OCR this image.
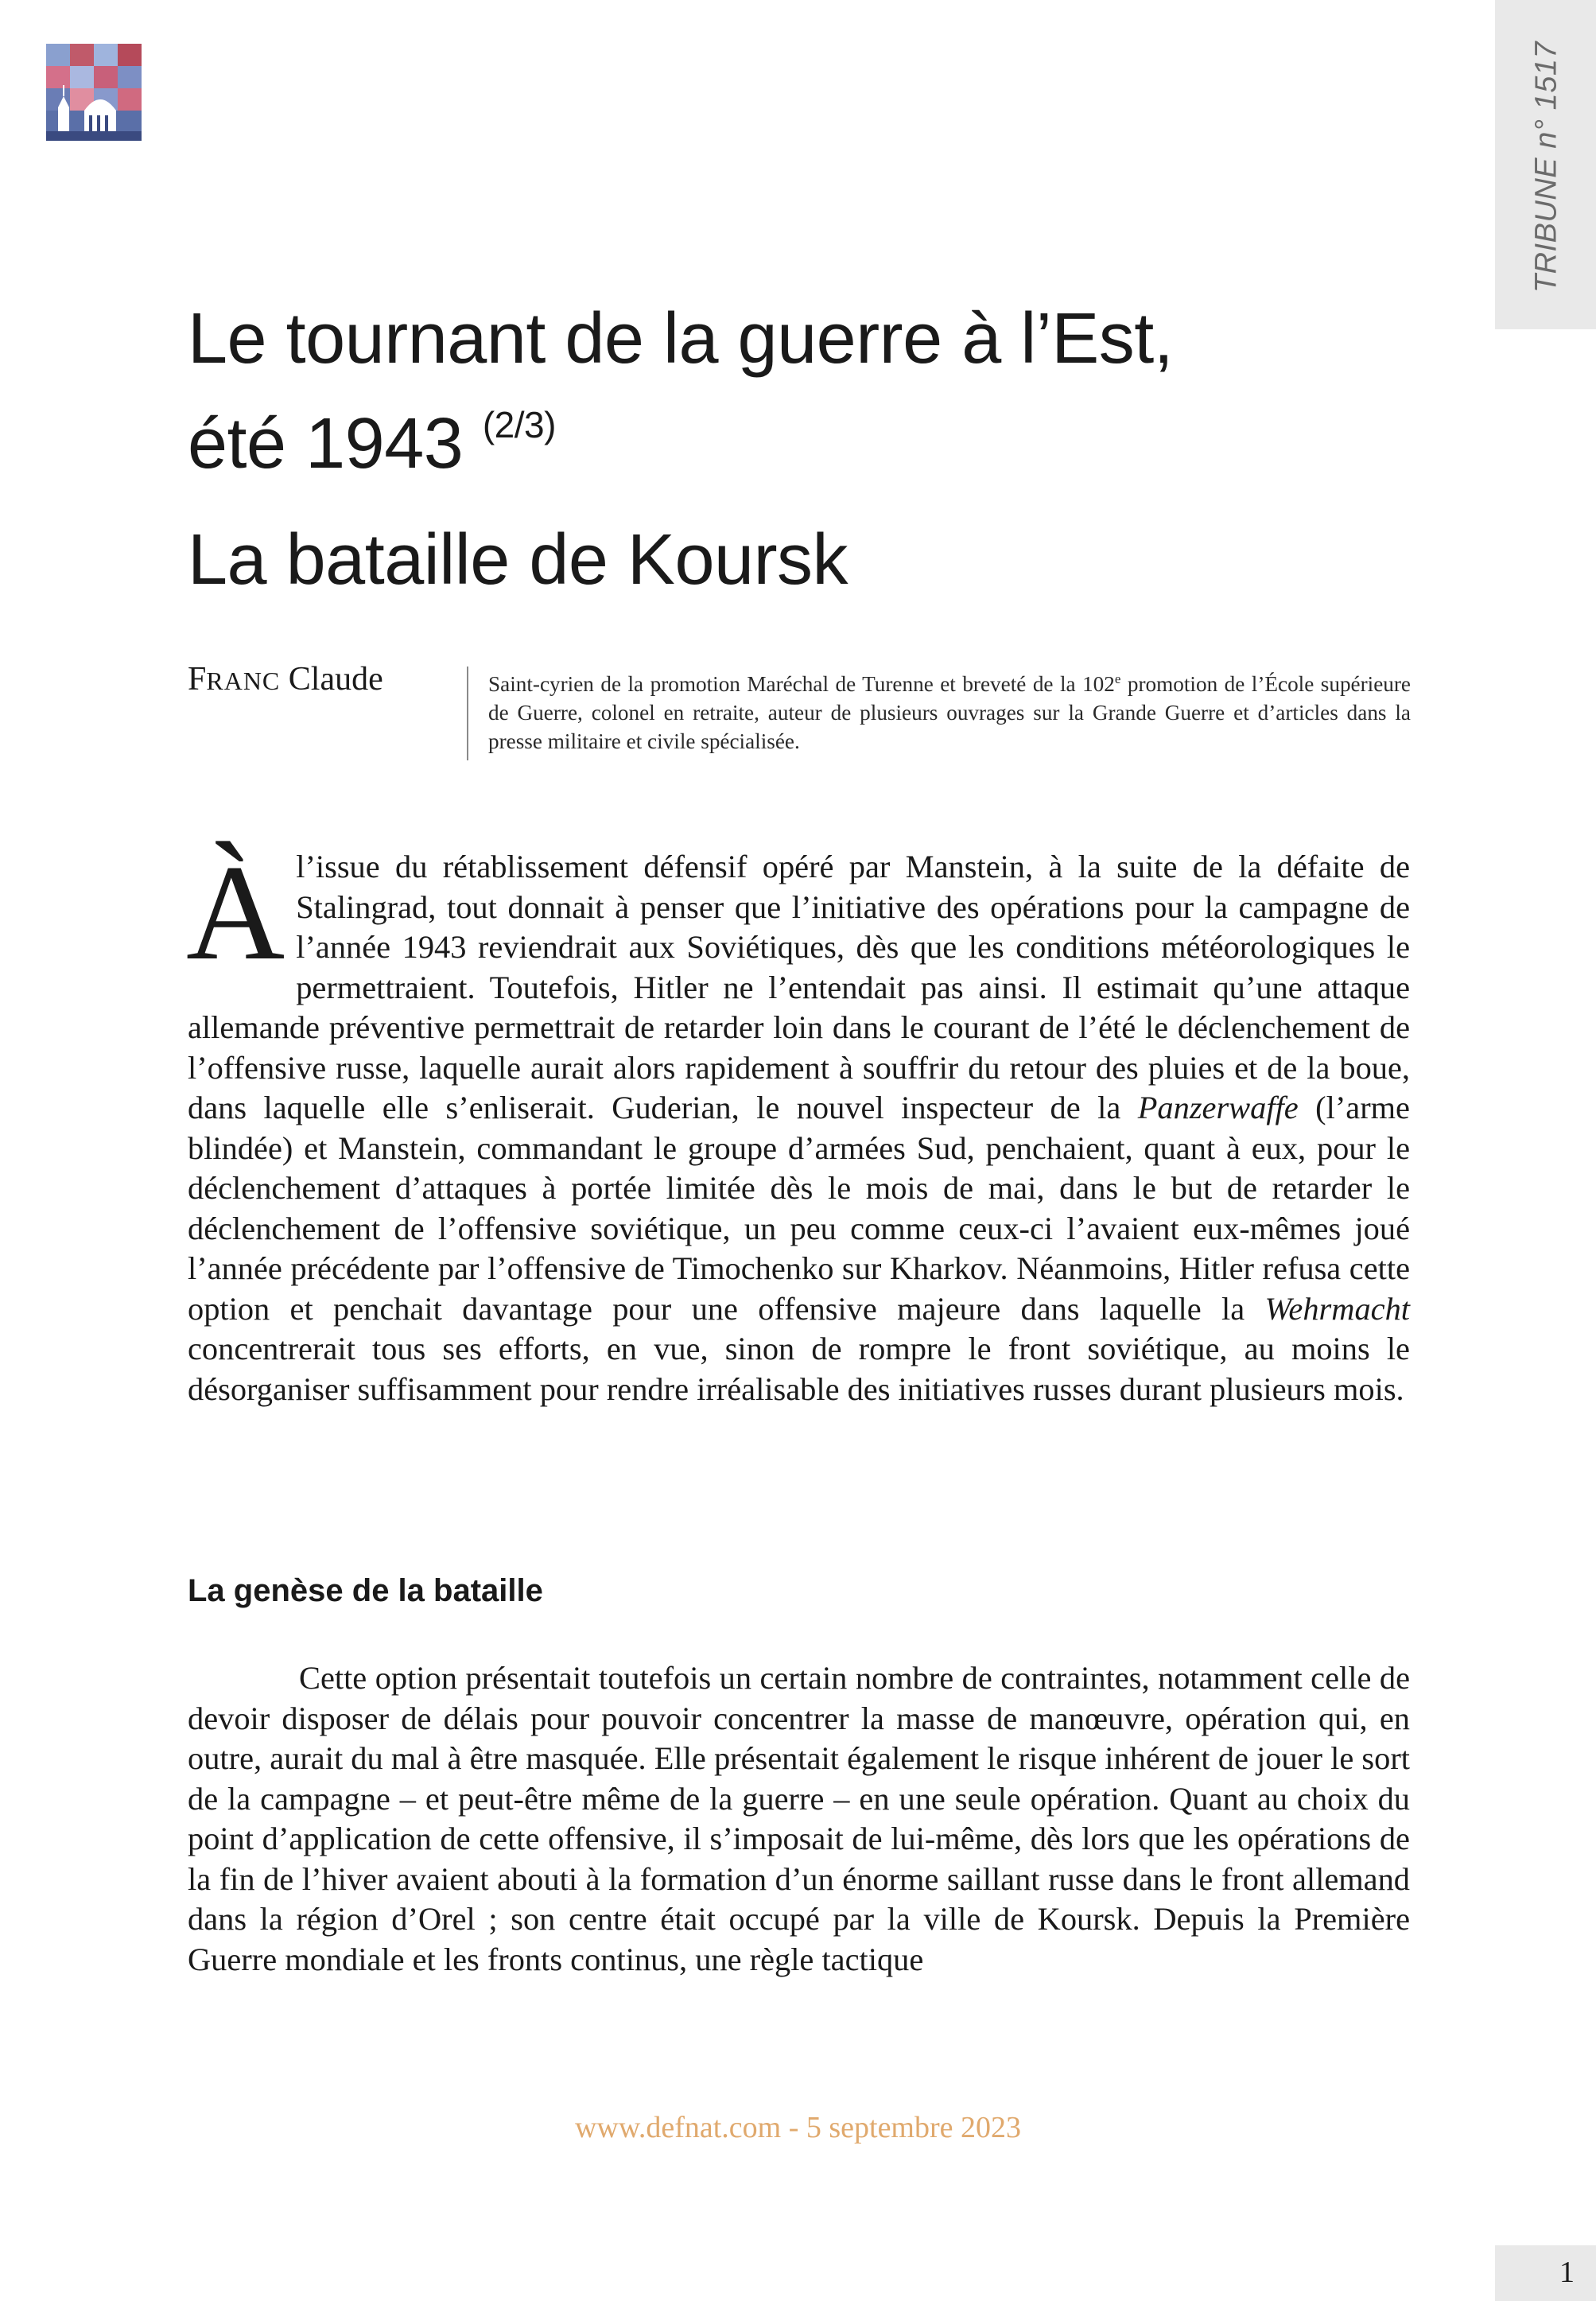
TRIBUNE n° 1517
Le tournant de la guerre à l’Est,
été 1943 $^{(2/3)}$
La bataille de Koursk
FRANC Claude	Saint-cyrien de la promotion Maréchal de Turenne et breveté de la 102e promotion de l’École supérieure de Guerre, colonel en retraite, auteur de plusieurs ouvrages sur la Grande Guerre et d’articles dans la presse militaire et civile spécialisée.

Àl’issue du rétablissement défensif opéré par Manstein, à la suite de la défaite de Stalingrad, tout donnait à penser que l’initiative des opérations pour la campagne de l’année 1943 reviendrait aux Soviétiques, dès que les conditions météorologiques le permettraient. Toutefois, Hitler ne l’entendait pas ainsi. Il estimait qu’une attaque allemande préventive permettrait de retarder loin dans le courant de l’été le déclenchement de l’offensive russe, laquelle aurait alors rapidement à souffrir du retour des pluies et de la boue, dans laquelle elle s’enliserait. Guderian, le nouvel inspecteur de la Panzerwaffe (l’arme blindée) et Manstein, commandant le groupe d’armées Sud, penchaient, quant à eux, pour le déclenchement d’attaques à portée limitée dès le mois de mai, dans le but de retarder le déclenchement de l’offensive soviétique, un peu comme ceux-ci l’avaient eux-mêmes joué l’année précédente par l’offensive de Timochenko sur Kharkov. Néanmoins, Hitler refusa cette option et penchait davantage pour une offensive majeure dans laquelle la Wehrmacht concentrerait tous ses efforts, en vue, sinon de rompre le front soviétique, au moins le désorganiser suffisamment pour rendre irréalisable des initiatives russes durant plusieurs mois.

La genèse de la bataille

Cette option présentait toutefois un certain nombre de contraintes, notamment celle de devoir disposer de délais pour pouvoir concentrer la masse de manœuvre, opération qui, en outre, aurait du mal à être masquée. Elle présentait également le risque inhérent de jouer le sort de la campagne – et peut-être même de la guerre – en une seule opération. Quant au choix du point d’application de cette offensive, il s’imposait de lui-même, dès lors que les opérations de la fin de l’hiver avaient abouti à la formation d’un énorme saillant russe dans le front allemand dans la région d’Orel ; son centre était occupé par la ville de Koursk. Depuis la Première Guerre mondiale et les fronts continus, une règle tactique

www.defnat.com - 5 septembre 2023
1
